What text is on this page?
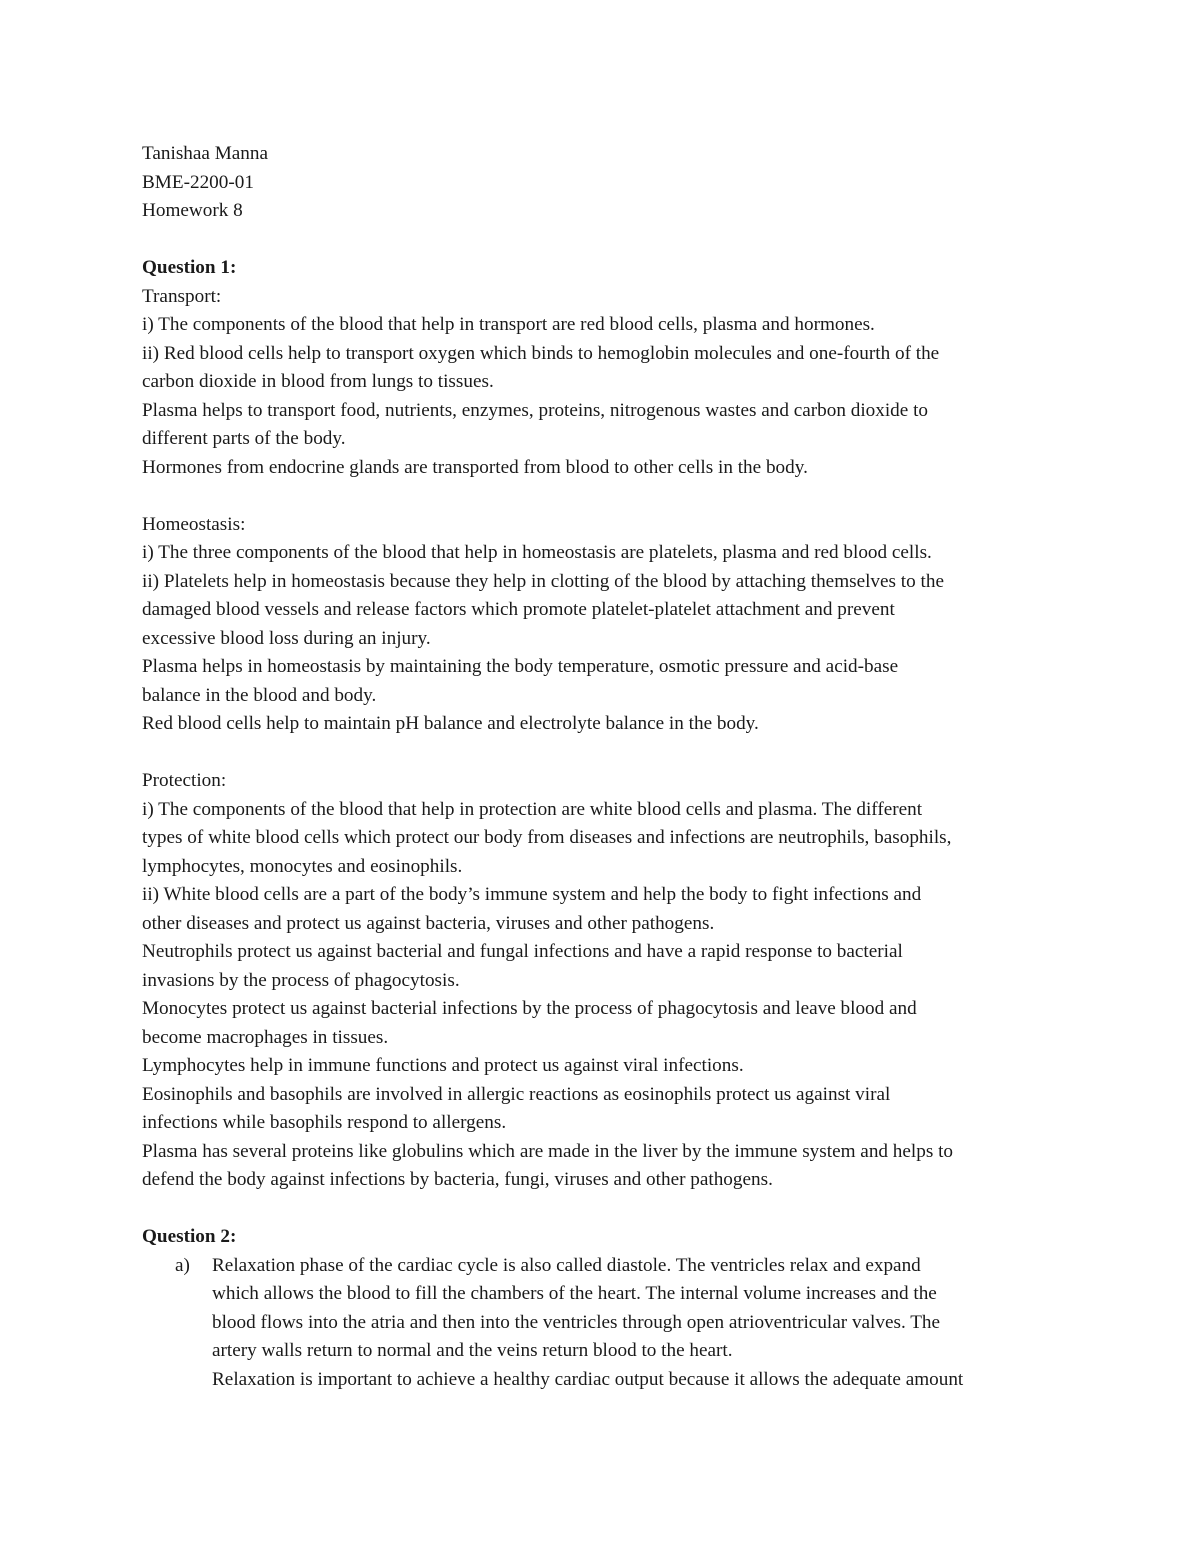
Tanishaa Manna
BME-2200-01
Homework 8
Question 1:
Transport:
i) The components of the blood that help in transport are red blood cells, plasma and hormones.
ii) Red blood cells help to transport oxygen which binds to hemoglobin molecules and one-fourth of the
carbon dioxide in blood from lungs to tissues.
Plasma helps to transport food, nutrients, enzymes, proteins, nitrogenous wastes and carbon dioxide to
different parts of the body.
Hormones from endocrine glands are transported from blood to other cells in the body.
Homeostasis:
i) The three components of the blood that help in homeostasis are platelets, plasma and red blood cells.
ii) Platelets help in homeostasis because they help in clotting of the blood by attaching themselves to the
damaged blood vessels and release factors which promote platelet-platelet attachment and prevent
excessive blood loss during an injury.
Plasma helps in homeostasis by maintaining the body temperature, osmotic pressure and acid-base
balance in the blood and body.
Red blood cells help to maintain pH balance and electrolyte balance in the body.
Protection:
i) The components of the blood that help in protection are white blood cells and plasma. The different
types of white blood cells which protect our body from diseases and infections are neutrophils, basophils,
lymphocytes, monocytes and eosinophils.
ii) White blood cells are a part of the body’s immune system and help the body to fight infections and
other diseases and protect us against bacteria, viruses and other pathogens.
Neutrophils protect us against bacterial and fungal infections and have a rapid response to bacterial
invasions by the process of phagocytosis.
Monocytes protect us against bacterial infections by the process of phagocytosis and leave blood and
become macrophages in tissues.
Lymphocytes help in immune functions and protect us against viral infections.
Eosinophils and basophils are involved in allergic reactions as eosinophils protect us against viral
infections while basophils respond to allergens.
Plasma has several proteins like globulins which are made in the liver by the immune system and helps to
defend the body against infections by bacteria, fungi, viruses and other pathogens.
Question 2:
a) Relaxation phase of the cardiac cycle is also called diastole. The ventricles relax and expand
which allows the blood to fill the chambers of the heart. The internal volume increases and the
blood flows into the atria and then into the ventricles through open atrioventricular valves. The
artery walls return to normal and the veins return blood to the heart.
Relaxation is important to achieve a healthy cardiac output because it allows the adequate amount
